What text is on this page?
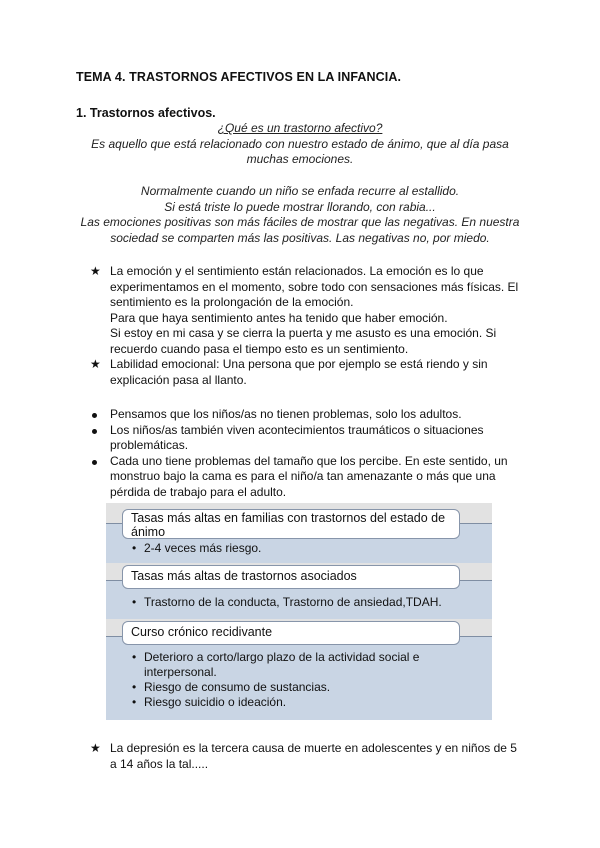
TEMA 4. TRASTORNOS AFECTIVOS EN LA INFANCIA.
1. Trastornos afectivos.
¿Qué es un trastorno afectivo?
Es aquello que está relacionado con nuestro estado de ánimo, que al día pasa
muchas emociones.
Normalmente cuando un niño se enfada recurre al estallido.
Si está triste lo puede mostrar llorando, con rabia...
Las emociones positivas son más fáciles de mostrar que las negativas. En nuestra
sociedad se comparten más las positivas. Las negativas no, por miedo.
★ La emoción y el sentimiento están relacionados. La emoción es lo que

experimentamos en el momento, sobre todo con sensaciones más físicas. El

sentimiento es la prolongación de la emoción.

Para que haya sentimiento antes ha tenido que haber emoción.

Si estoy en mi casa y se cierra la puerta y me asusto es una emoción. Si

recuerdo cuando pasa el tiempo esto es un sentimiento.

★ Labilidad emocional: Una persona que por ejemplo se está riendo y sin

explicación pasa al llanto.

Pensamos que los niños/as no tienen problemas, solo los adultos.

Los niños/as también viven acontecimientos traumáticos o situaciones

problemáticas.

Cada uno tiene problemas del tamaño que los percibe. En este sentido, un

monstruo bajo la cama es para el niño/a tan amenazante o más que una

pérdida de trabajo para el adulto.

• 2-4 veces más riesgo.
Tasas más altas en familias con trastornos del estado de
ánimo
• Trastorno de la conducta, Trastorno de ansiedad,TDAH.
Tasas más altas de trastornos asociados
• Deterioro a corto/largo plazo de la actividad social e
interpersonal.
• Riesgo de consumo de sustancias.
• Riesgo suicidio o ideación.
Curso crónico recidivante
★ La depresión es la tercera causa de muerte en adolescentes y en niños de 5

a 14 años la tal.....
